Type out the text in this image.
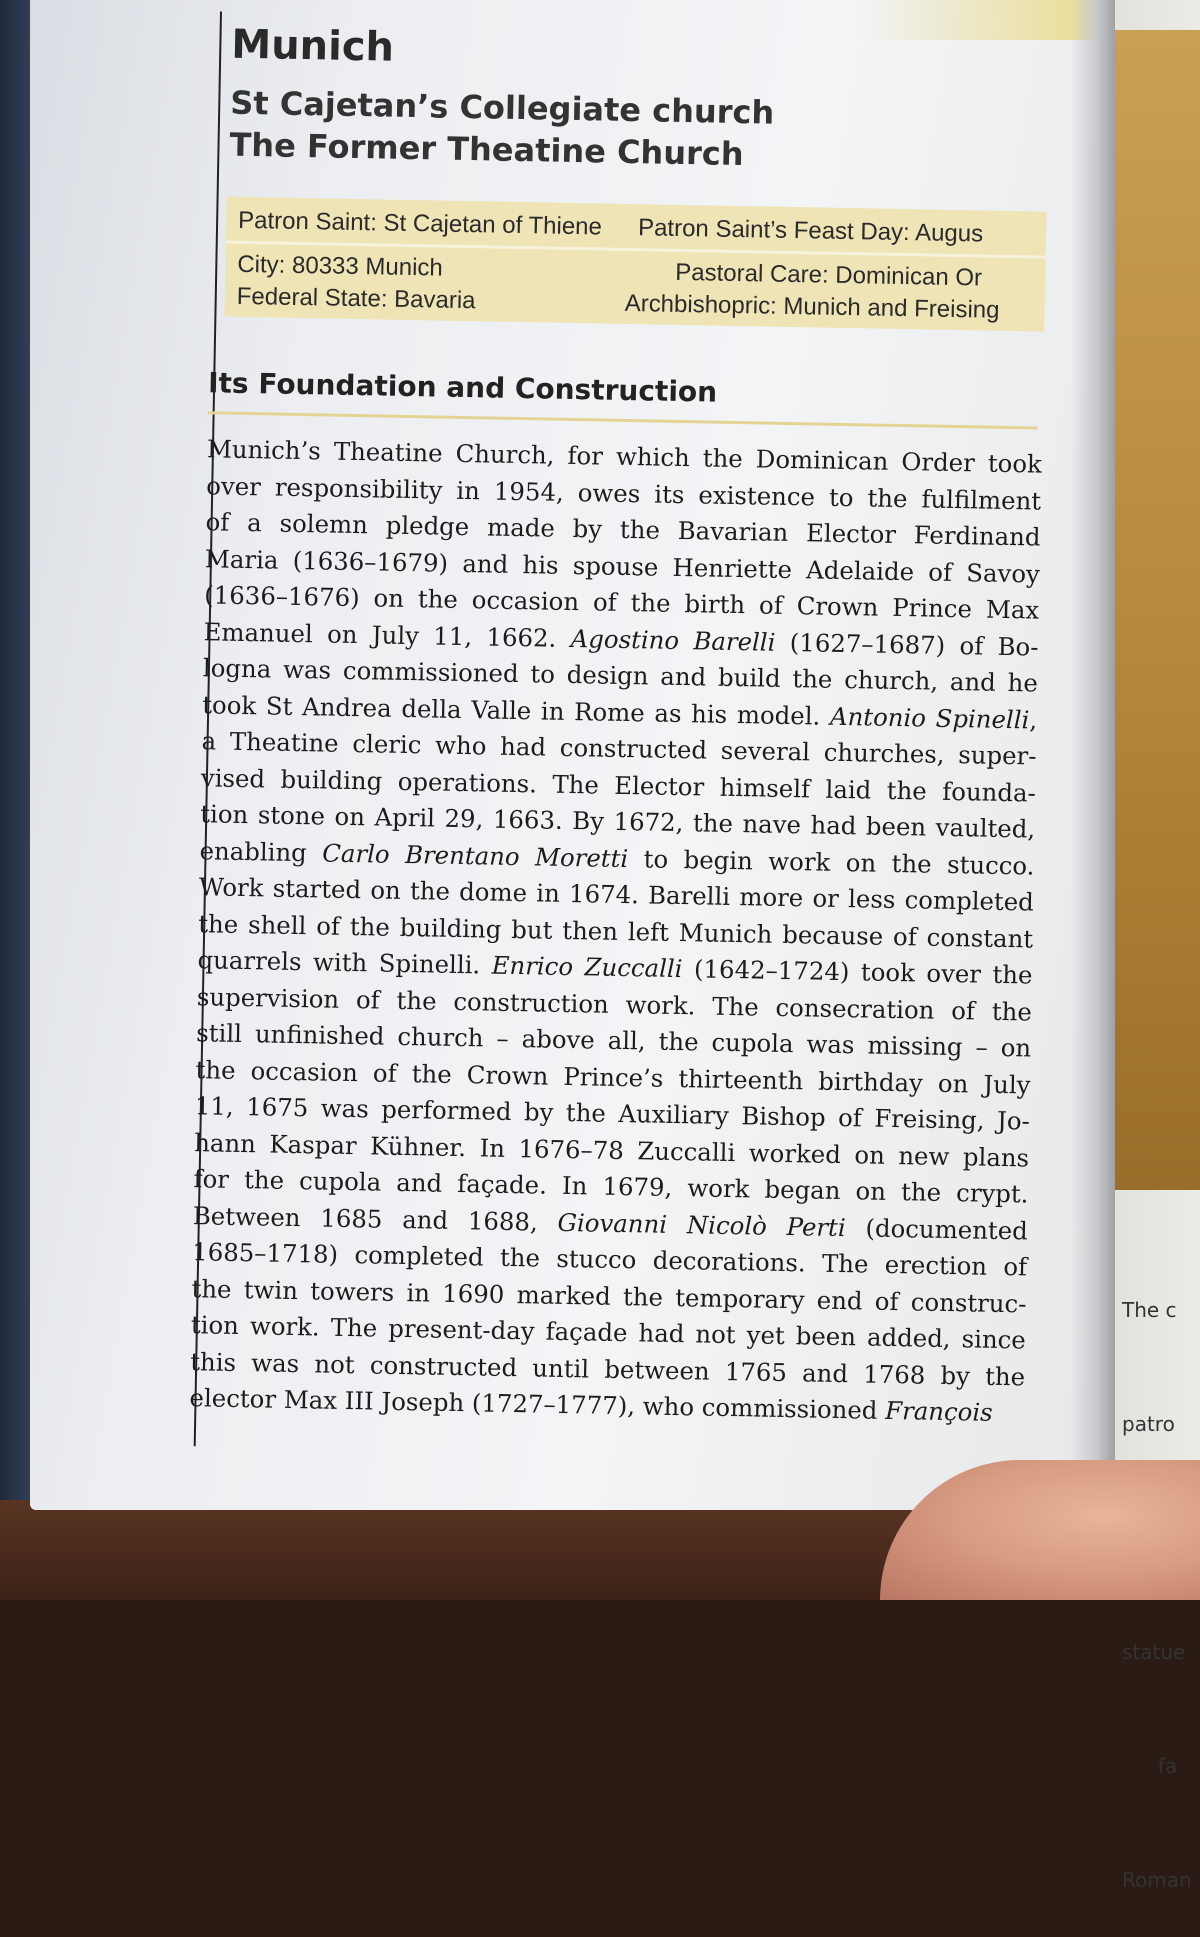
The c

patro

statue

fa

Roman

Munich
St Cajetan’s Collegiate church
The Former Theatine Church
Patron Saint: St Cajetan of Thiene Patron Saint’s Feast Day: Augus
City: 80333 Munich	Pastoral Care: Dominican Or
Federal State: Bavaria	Archbishopric: Munich and Freising
Its Foundation and Construction
Munich’s Theatine Church, for which the Dominican Order took
over responsibility in 1954, owes its existence to the fulfilment
of a solemn pledge made by the Bavarian Elector Ferdinand
Maria (1636–1679) and his spouse Henriette Adelaide of Savoy
(1636–1676) on the occasion of the birth of Crown Prince Max
Emanuel on July 11, 1662. Agostino Barelli (1627–1687) of Bo-
logna was commissioned to design and build the church, and he
took St Andrea della Valle in Rome as his model. Antonio Spinelli,
a Theatine cleric who had constructed several churches, super-
vised building operations. The Elector himself laid the founda-
tion stone on April 29, 1663. By 1672, the nave had been vaulted,
enabling Carlo Brentano Moretti to begin work on the stucco.
Work started on the dome in 1674. Barelli more or less completed
the shell of the building but then left Munich because of constant
quarrels with Spinelli. Enrico Zuccalli (1642–1724) took over the
supervision of the construction work. The consecration of the
still unfinished church – above all, the cupola was missing – on
the occasion of the Crown Prince’s thirteenth birthday on July
11, 1675 was performed by the Auxiliary Bishop of Freising, Jo-
hann Kaspar Kühner. In 1676–78 Zuccalli worked on new plans
for the cupola and façade. In 1679, work began on the crypt.
Between 1685 and 1688, Giovanni Nicolò Perti (documented
1685–1718) completed the stucco decorations. The erection of
the twin towers in 1690 marked the temporary end of construc-
tion work. The present-day façade had not yet been added, since
this was not constructed until between 1765 and 1768 by the
elector Max III Joseph (1727–1777), who commissioned François
